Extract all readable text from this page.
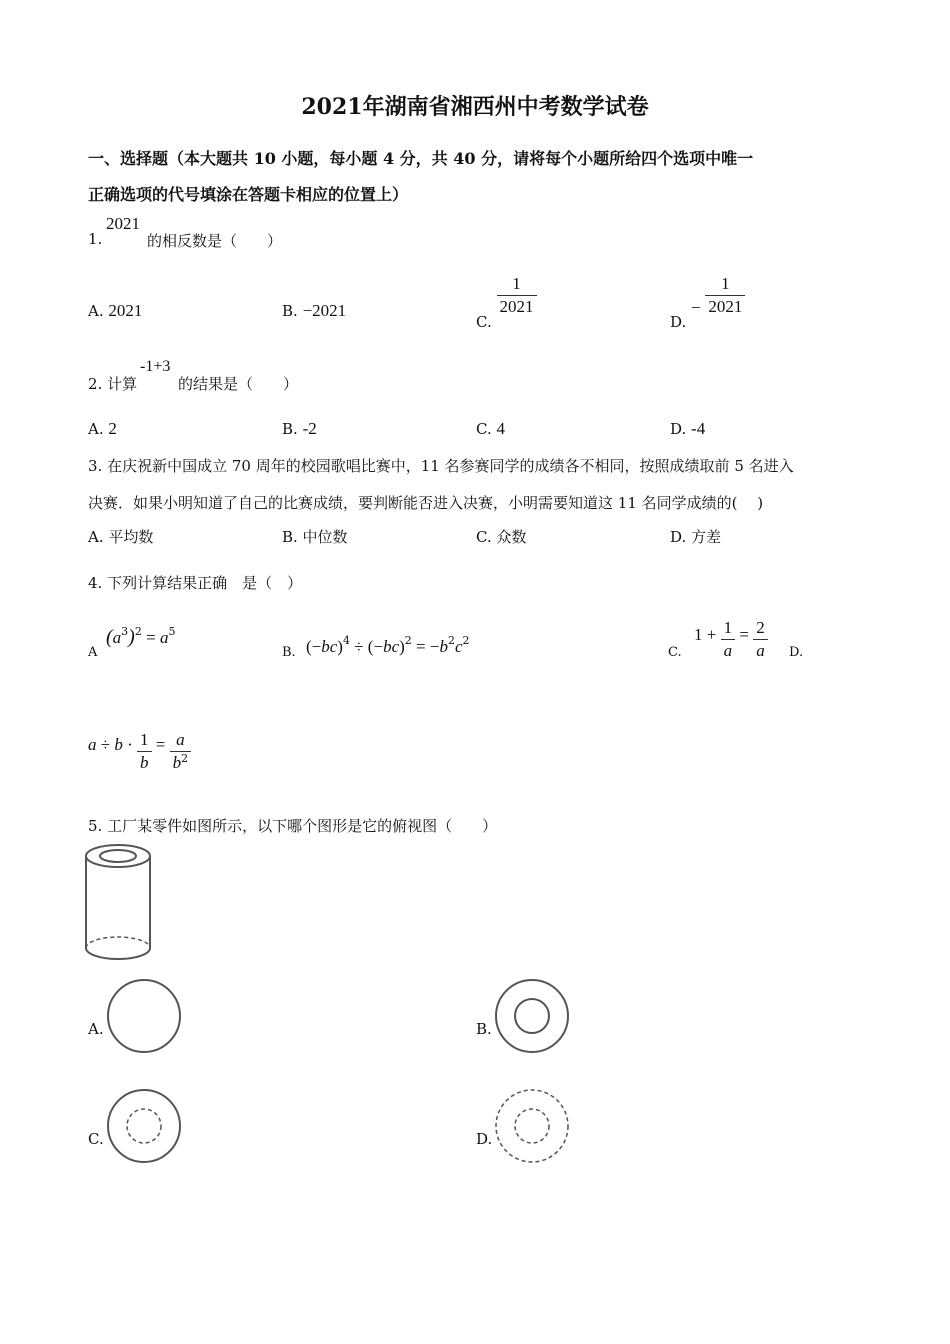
2021年湖南省湘西州中考数学试卷
一、选择题（本大题共 10 小题，每小题 4 分，共 40 分，请将每个小题所给四个选项中唯一
正确选项的代号填涂在答题卡相应的位置上）
1.
2021
的相反数是（　　）
A. 2021	B. −2021
C.
$\frac{1}{2021}$
D. − $\frac{1}{2021}$
2. 计算
-1+3
的结果是（　　）
A. 2	B. -2	C. 4	D. -4
3. 在庆祝新中国成立 70 周年的校园歌唱比赛中，11 名参赛同学的成绩各不相同，按照成绩取前 5 名进入
决赛．如果小明知道了自己的比赛成绩，要判断能否进入决赛，小明需要知道这 11 名同学成绩的(　 )
A. 平均数	B. 中位数	C. 众数	D. 方差
4. 下列计算结果正确　是（　）
A
$(a^3)^2 = a^5$
B. $(-bc)^4 \div (-bc)^2 = -b^2c^2$
C.
$1 + \frac{1}{a} = \frac{2}{a} D$.
$a \div b \cdot \frac{1}{b} = \frac{a}{b^2}$
5. 工厂某零件如图所示，以下哪个图形是它的俯视图（　　）
A.	B.
C.	D.
